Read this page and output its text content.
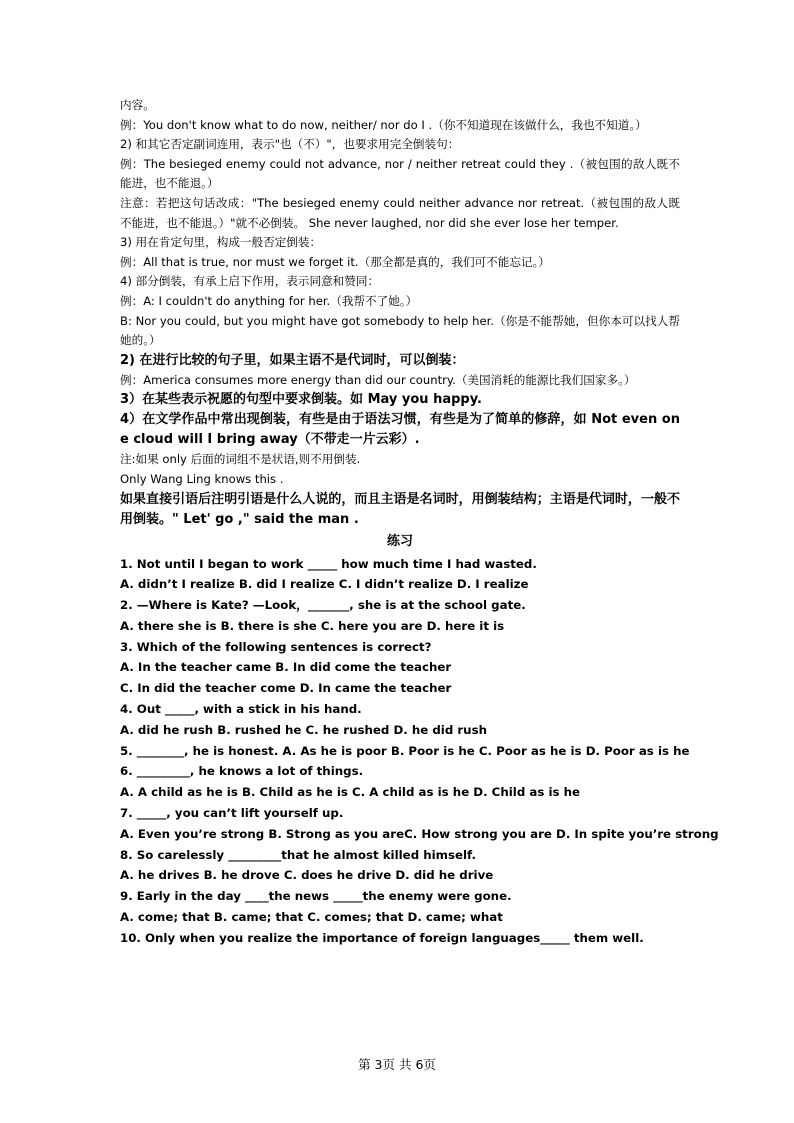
内容。

例：You don't know what to do now, neither/ nor do I .（你不知道现在该做什么，我也不知道。）

2) 和其它否定副词连用，表示"也（不）"，也要求用完全倒装句：

例：The besieged enemy could not advance, nor / neither retreat could they .（被包围的敌人既不能进，也不能退。）

注意：若把这句话改成："The besieged enemy could neither advance nor retreat.（被包围的敌人既不能进，也不能退。）"就不必倒装。 She never laughed, nor did she ever lose her temper.

3) 用在肯定句里，构成一般否定倒装：

例：All that is true, nor must we forget it.（那全都是真的，我们可不能忘记。）

4) 部分倒装，有承上启下作用，表示同意和赞同：

例：A: I couldn't do anything for her.（我帮不了她。）

B: Nor you could, but you might have got somebody to help her.（你是不能帮她，但你本可以找人帮她的。）

2) 在进行比较的句子里，如果主语不是代词时，可以倒装：

例：America consumes more energy than did our country.（美国消耗的能源比我们国家多。）

3）在某些表示祝愿的句型中要求倒装。如 May you happy.

4）在文学作品中常出现倒装，有些是由于语法习惯，有些是为了简单的修辞，如 Not even one cloud will I bring away（不带走一片云彩）.

注:如果 only 后面的词组不是状语,则不用倒装.

Only Wang Ling knows this .

如果直接引语后注明引语是什么人说的，而且主语是名词时，用倒装结构；主语是代词时，一般不用倒装。" Let' go ," said the man .

练习

1. Not until I began to work _____ how much time I had wasted.

A. didn’t I realize B. did I realize C. I didn’t realize D. I realize

2. —Where is Kate? —Look，_______, she is at the school gate.

A. there she is B. there is she C. here you are D. here it is

3. Which of the following sentences is correct?

A. In the teacher came B. In did come the teacher

C. In did the teacher come D. In came the teacher

4. Out _____, with a stick in his hand.

A. did he rush B. rushed he C. he rushed D. he did rush

5. ________, he is honest. A. As he is poor B. Poor is he C. Poor as he is D. Poor as is he

6. _________, he knows a lot of things.

A. A child as he is B. Child as he is C. A child as is he D. Child as is he

7. _____, you can’t lift yourself up.

A. Even you’re strong B. Strong as you areC. How strong you are D. In spite you’re strong

8. So carelessly _________that he almost killed himself.

A. he drives B. he drove C. does he drive D. did he drive

9. Early in the day ____the news _____the enemy were gone.

A. come; that B. came; that C. comes; that D. came; what

10. Only when you realize the importance of foreign languages_____ them well.

第 3页 共 6页
